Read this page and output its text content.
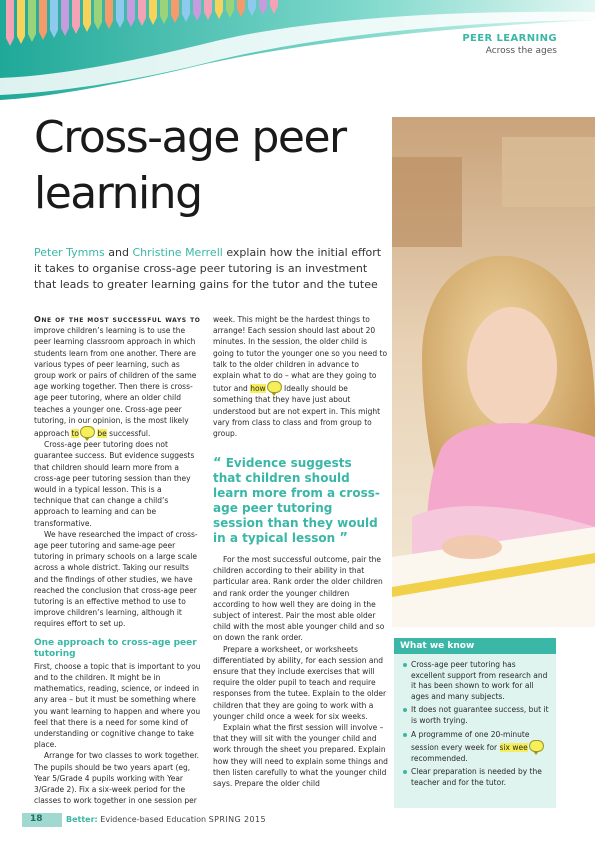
PEER LEARNING
Across the ages
Cross-age peer
learning
Peter Tymms and Christine Merrell explain how the initial effort it takes to organise cross-age peer tutoring is an investment that leads to greater learning gains for the tutor and the tutee

One of the most successful ways to improve children’s learning is to use the peer learning classroom approach in which students learn from one another. There are various types of peer learning, such as group work or pairs of children of the same age working together. Then there is cross-age peer tutoring, where an older child teaches a younger one. Cross-age peer tutoring, in our opinion, is the most likely approach to be successful.

Cross-age peer tutoring does not guarantee success. But evidence suggests that children should learn more from a cross-age peer tutoring session than they would in a typical lesson. This is a technique that can change a child’s approach to learning and can be transformative.

We have researched the impact of cross-age peer tutoring and same-age peer tutoring in primary schools on a large scale across a whole district. Taking our results and the findings of other studies, we have reached the conclusion that cross-age peer tutoring is an effective method to use to improve children’s learning, although it requires effort to set up.

One approach to cross-age peer tutoring

First, choose a topic that is important to you and to the children. It might be in mathematics, reading, science, or indeed in any area – but it must be something where you want learning to happen and where you feel that there is a need for some kind of understanding or cognitive change to take place.

Arrange for two classes to work together. The pupils should be two years apart (eg, Year 5/Grade 4 pupils working with Year 3/Grade 2). Fix a six-week period for the classes to work together in one session per

week. This might be the hardest things to arrange! Each session should last about 20 minutes. In the session, the older child is going to tutor the younger one so you need to talk to the older children in advance to explain what to do – what are they going to tutor and how Ideally should be something that they have just about understood but are not expert in. This might vary from class to class and from group to group.

“ Evidence suggests that children should learn more from a cross-age peer tutoring session than they would in a typical lesson ”

For the most successful outcome, pair the children according to their ability in that particular area. Rank order the older children and rank order the younger children according to how well they are doing in the subject of interest. Pair the most able older child with the most able younger child and so on down the rank order.

Prepare a worksheet, or worksheets differentiated by ability, for each session and ensure that they include exercises that will require the older pupil to teach and require responses from the tutee. Explain to the older children that they are going to work with a younger child once a week for six weeks.

Explain what the first session will involve – that they will sit with the younger child and work through the sheet you prepared. Explain how they will need to explain some things and then listen carefully to what the younger child says. Prepare the older child

What we know
Cross-age peer tutoring has excellent support from research and it has been shown to work for all ages and many subjects.
It does not guarantee success, but it is worth trying.
A programme of one 20-minute session every week for six wee
recommended.
Clear preparation is needed by the teacher and for the tutor.
18	Better: Evidence-based Education SPRING 2015
